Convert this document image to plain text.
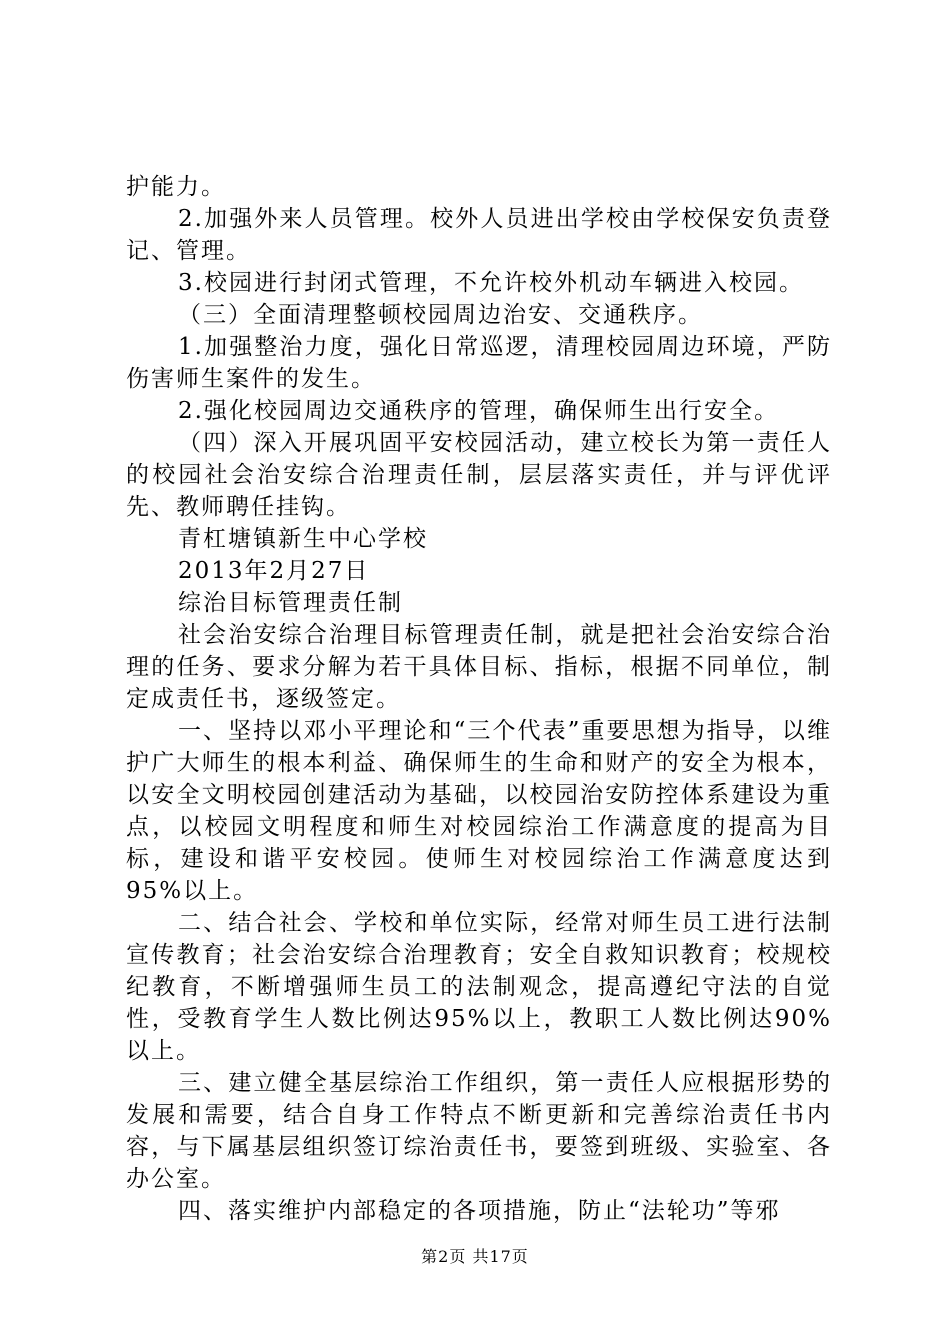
护能力。

2.加强外来人员管理。校外人员进出学校由学校保安负责登记、管理。

3.校园进行封闭式管理，不允许校外机动车辆进入校园。

（三）全面清理整顿校园周边治安、交通秩序。

1.加强整治力度，强化日常巡逻，清理校园周边环境，严防伤害师生案件的发生。

2.强化校园周边交通秩序的管理，确保师生出行安全。

（四）深入开展巩固平安校园活动，建立校长为第一责任人的校园社会治安综合治理责任制，层层落实责任，并与评优评先、教师聘任挂钩。

青杠塘镇新生中心学校

2013年2月27日

综治目标管理责任制

社会治安综合治理目标管理责任制，就是把社会治安综合治理的任务、要求分解为若干具体目标、指标，根据不同单位，制定成责任书，逐级签定。

一、坚持以邓小平理论和“三个代表”重要思想为指导，以维护广大师生的根本利益、确保师生的生命和财产的安全为根本，以安全文明校园创建活动为基础，以校园治安防控体系建设为重点，以校园文明程度和师生对校园综治工作满意度的提高为目标，建设和谐平安校园。使师生对校园综治工作满意度达到95%以上。

二、结合社会、学校和单位实际，经常对师生员工进行法制宣传教育；社会治安综合治理教育；安全自救知识教育；校规校纪教育，不断增强师生员工的法制观念，提高遵纪守法的自觉性，受教育学生人数比例达95%以上，教职工人数比例达90%以上。

三、建立健全基层综治工作组织，第一责任人应根据形势的发展和需要，结合自身工作特点不断更新和完善综治责任书内容，与下属基层组织签订综治责任书，要签到班级、实验室、各办公室。

四、落实维护内部稳定的各项措施，防止“法轮功”等邪

第2页 共17页
